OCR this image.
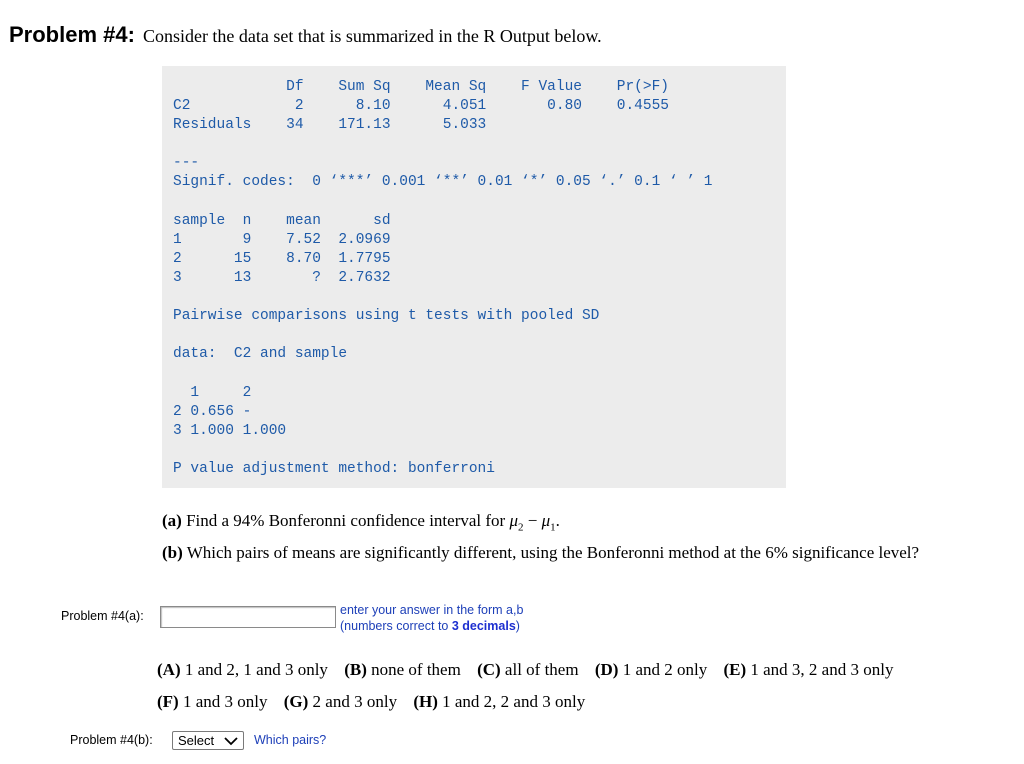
Problem #4: Consider the data set that is summarized in the R Output below.
Df    Sum Sq    Mean Sq    F Value    Pr(>F)
C2            2      8.10      4.051       0.80    0.4555
Residuals    34    171.13      5.033

---
Signif. codes:  0 ‘***’ 0.001 ‘**’ 0.01 ‘*’ 0.05 ‘.’ 0.1 ‘ ’ 1

sample  n    mean      sd
1       9    7.52  2.0969
2      15    8.70  1.7795
3      13       ?  2.7632

Pairwise comparisons using t tests with pooled SD

data:  C2 and sample

1     2
2 0.656 -
3 1.000 1.000

P value adjustment method: bonferroni
(a) Find a 94% Bonferonni confidence interval for $\mu_2 - \mu_1$.
(b) Which pairs of means are significantly different, using the Bonferonni method at the 6% significance level?
Problem #4(a):	enter your answer in the form a,b
(numbers correct to 3 decimals)
(A) 1 and 2, 1 and 3 only (B) none of them (C) all of them (D) 1 and 2 only (E) 1 and 3, 2 and 3 only
(F) 1 and 3 only (G) 2 and 3 only (H) 1 and 2, 2 and 3 only
Problem #4(b): Select	Which pairs?
